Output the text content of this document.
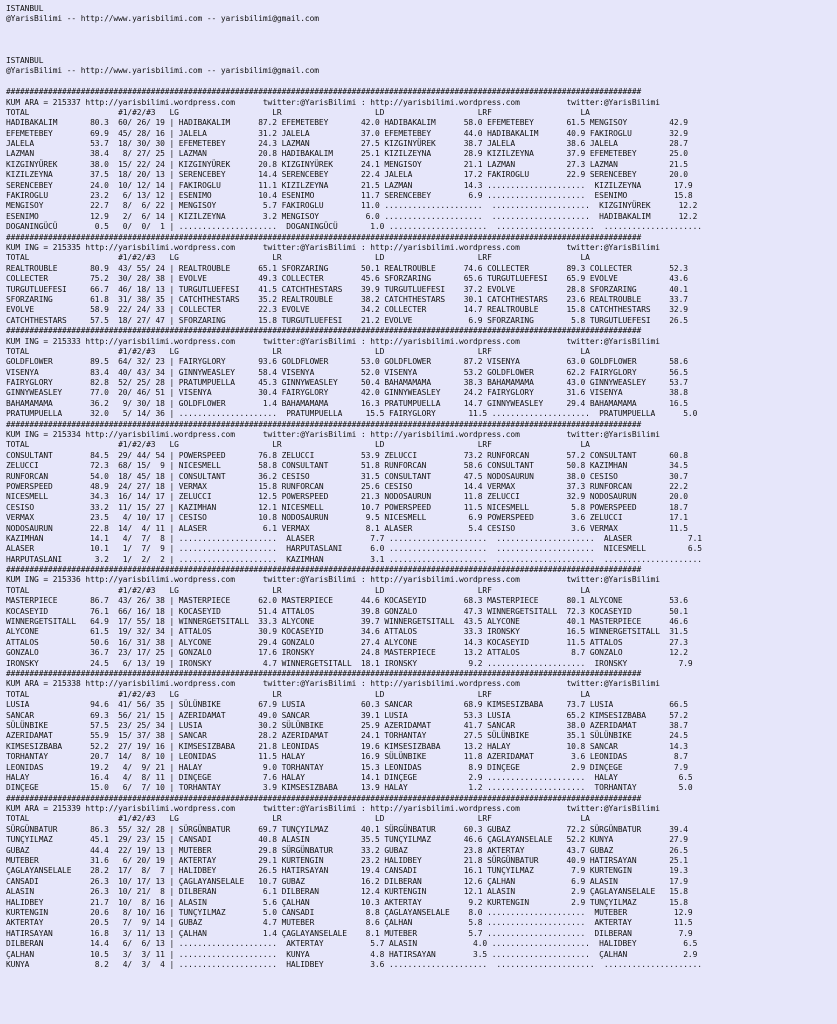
ISTANBUL
@YarisBilimi -- http://www.yarisbilimi.com -- yarisbilimi@gmail.com
ISTANBUL
@YarisBilimi -- http://www.yarisbilimi.com -- yarisbilimi@gmail.com
########################################################################################################################################
KUM ARA = 215337 http://yarisbilimi.wordpress.com      twitter:@YarisBilimi : http://yarisbilimi.wordpress.com          twitter:@YarisBilimi
TOTAL                   #1/#2/#3   LG                    LR                    LD                    LRF                   LA
HADIBAKALIM       80.3  60/ 26/ 19 | HADIBAKALIM      87.2 EFEMETEBEY       42.0 HADIBAKALIM      58.0 EFEMETEBEY       61.5 MENGISOY         42.9
EFEMETEBEY        69.9  45/ 28/ 16 | JALELA           31.2 JALELA           37.0 EFEMETEBEY       44.0 HADIBAKALIM      40.9 FAKIROGLU        32.9
JALELA            53.7  18/ 30/ 30 | EFEMETEBEY       24.3 LAZMAN           27.5 KIZGINYÜREK      38.7 JALELA           38.6 JALELA           28.7
LAZMAN            38.4   8/ 27/ 25 | LAZMAN           20.8 HADIBAKALIM      25.1 KIZILZEYNA       28.9 KIZILZEYNA       37.9 EFEMETEBEY       25.0
KIZGINYÜREK       38.0  15/ 22/ 24 | KIZGINYÜREK      20.8 KIZGINYÜREK      24.1 MENGISOY         21.1 LAZMAN           27.3 LAZMAN           21.5
KIZILZEYNA        37.5  18/ 20/ 13 | SERENCEBEY       14.4 SERENCEBEY       22.4 JALELA           17.2 FAKIROGLU        22.9 SERENCEBEY       20.0
SERENCEBEY        24.0  10/ 12/ 14 | FAKIROGLU        11.1 KIZILZEYNA       21.5 LAZMAN           14.3 .....................  KIZILZEYNA       17.9
FAKIROGLU         23.2   6/ 13/ 12 | ESENIMO          10.4 ESENIMO          11.7 SERENCEBEY        6.9 .....................  ESENIMO          15.8
MENGISOY          22.7   8/  6/ 22 | MENGISOY          5.7 FAKIROGLU        11.0 .....................  .....................  KIZGINYÜREK      12.2
ESENIMO           12.9   2/  6/ 14 | KIZILZEYNA        3.2 MENGISOY          6.0 .....................  .....................  HADIBAKALIM      12.2
DOGANINGÜCÜ        0.5   0/  0/  1 | .....................  DOGANINGÜCÜ       1.0 .....................  .....................  .....................
########################################################################################################################################
KUM ING = 215335 http://yarisbilimi.wordpress.com      twitter:@YarisBilimi : http://yarisbilimi.wordpress.com          twitter:@YarisBilimi
TOTAL                   #1/#2/#3   LG                    LR                    LD                    LRF                   LA
REALTROUBLE       80.9  43/ 55/ 24 | REALTROUBLE      65.1 SFORZARING       50.1 REALTROUBLE      74.6 COLLECTER        89.3 COLLECTER        52.3
COLLECTER         75.2  30/ 28/ 38 | EVOLVE           49.3 COLLECTER        45.6 SFORZARING       65.6 TURGUTLUEFESI    65.9 EVOLVE           43.6
TURGUTLUEFESI     66.7  46/ 18/ 13 | TURGUTLUEFESI    41.5 CATCHTHESTARS    39.9 TURGUTLUEFESI    37.2 EVOLVE           28.8 SFORZARING       40.1
SFORZARING        61.8  31/ 38/ 35 | CATCHTHESTARS    35.2 REALTROUBLE      38.2 CATCHTHESTARS    30.1 CATCHTHESTARS    23.6 REALTROUBLE      33.7
EVOLVE            58.9  22/ 24/ 33 | COLLECTER        22.3 EVOLVE           34.2 COLLECTER        14.7 REALTROUBLE      15.8 CATCHTHESTARS    32.9
CATCHTHESTARS     57.5  18/ 27/ 47 | SFORZARING       15.8 TURGUTLUEFESI    21.2 EVOLVE            6.9 SFORZARING        5.8 TURGUTLUEFESI    26.5
########################################################################################################################################
KUM ING = 215333 http://yarisbilimi.wordpress.com      twitter:@YarisBilimi : http://yarisbilimi.wordpress.com          twitter:@YarisBilimi
TOTAL                   #1/#2/#3   LG                    LR                    LD                    LRF                   LA
GOLDFLOWER        89.5  64/ 32/ 23 | FAIRYGLORY       93.6 GOLDFLOWER       53.0 GOLDFLOWER       87.2 VISENYA          63.0 GOLDFLOWER       58.6
VISENYA           83.4  40/ 43/ 34 | GINNYWEASLEY     58.4 VISENYA          52.0 VISENYA          53.2 GOLDFLOWER       62.2 FAIRYGLORY       56.5
FAIRYGLORY        82.8  52/ 25/ 28 | PRATUMPUELLA     45.3 GINNYWEASLEY     50.4 BAHAMAMAMA       38.3 BAHAMAMAMA       43.0 GINNYWEASLEY     53.7
GINNYWEASLEY      77.0  20/ 46/ 51 | VISENYA          30.4 FAIRYGLORY       42.0 GINNYWEASLEY     24.2 FAIRYGLORY       31.6 VISENYA          38.8
BAHAMAMAMA        36.2   9/ 30/ 18 | GOLDFLOWER        1.4 BAHAMAMAMA       16.3 PRATUMPUELLA     14.7 GINNYWEASLEY     29.4 BAHAMAMAMA       16.5
PRATUMPUELLA      32.0   5/ 14/ 36 | .....................  PRATUMPUELLA     15.5 FAIRYGLORY       11.5 .....................  PRATUMPUELLA      5.0
########################################################################################################################################
KUM ING = 215334 http://yarisbilimi.wordpress.com      twitter:@YarisBilimi : http://yarisbilimi.wordpress.com          twitter:@YarisBilimi
TOTAL                   #1/#2/#3   LG                    LR                    LD                    LRF                   LA
CONSULTANT        84.5  29/ 44/ 54 | POWERSPEED       76.8 ZELUCCI          53.9 ZELUCCI          73.2 RUNFORCAN        57.2 CONSULTANT       60.8
ZELUCCI           72.3  68/ 15/  9 | NICESMELL        58.8 CONSULTANT       51.8 RUNFORCAN        58.6 CONSULTANT       50.8 KAZIMHAN         34.5
RUNFORCAN         54.0  18/ 45/ 18 | CONSULTANT       36.2 CESISO           31.5 CONSULTANT       47.5 NODOSAURUN       38.0 CESISO           30.7
POWERSPEED        48.9  24/ 27/ 18 | VERMAX           15.8 RUNFORCAN        25.6 CESISO           14.4 VERMAX           37.3 RUNFORCAN        22.2
NICESMELL         34.3  16/ 14/ 17 | ZELUCCI          12.5 POWERSPEED       21.3 NODOSAURUN       11.8 ZELUCCI          32.9 NODOSAURUN       20.0
CESISO            33.2  11/ 15/ 27 | KAZIMHAN         12.1 NICESMELL        10.7 POWERSPEED       11.5 NICESMELL         5.8 POWERSPEED       18.7
VERMAX            23.5   4/ 10/ 17 | CESISO           10.8 NODOSAURUN        9.5 NICESMELL         6.9 POWERSPEED        3.6 ZELUCCI          17.1
NODOSAURUN        22.8  14/  4/ 11 | ALASER            6.1 VERMAX            8.1 ALASER            5.4 CESISO            3.6 VERMAX           11.5
KAZIMHAN          14.1   4/  7/  8 | .....................  ALASER            7.7 .....................  .....................  ALASER            7.1
ALASER            10.1   1/  7/  9 | .....................  HARPUTASLANI      6.0 .....................  .....................  NICESMELL         6.5
HARPUTASLANI       3.2   1/  2/  2 | .....................  KAZIMHAN          3.1 .....................  .....................  .....................
########################################################################################################################################
KUM ING = 215336 http://yarisbilimi.wordpress.com      twitter:@YarisBilimi : http://yarisbilimi.wordpress.com          twitter:@YarisBilimi
TOTAL                   #1/#2/#3   LG                    LR                    LD                    LRF                   LA
MASTERPIECE       86.7  43/ 26/ 38 | MASTERPIECE      62.0 MASTERPIECE      44.6 KOCASEYID        68.3 MASTERPIECE      80.1 ALYCONE          53.6
KOCASEYID         76.1  66/ 16/ 18 | KOCASEYID        51.4 ATTALOS          39.8 GONZALO          47.3 WINNERGETSITALL  72.3 KOCASEYID        50.1
WINNERGETSITALL   64.9  17/ 55/ 18 | WINNERGETSITALL  33.3 ALYCONE          39.7 WINNERGETSITALL  43.5 ALYCONE          40.1 MASTERPIECE      46.6
ALYCONE           61.5  19/ 32/ 34 | ATTALOS          30.9 KOCASEYID        34.6 ATTALOS          33.3 IRONSKY          16.5 WINNERGETSITALL  31.5
ATTALOS           50.6  16/ 31/ 38 | ALYCONE          29.4 GONZALO          27.4 ALYCONE          14.3 KOCASEYID        11.5 ATTALOS          27.3
GONZALO           36.7  23/ 17/ 25 | GONZALO          17.6 IRONSKY          24.8 MASTERPIECE      13.2 ATTALOS           8.7 GONZALO          12.2
IRONSKY           24.5   6/ 13/ 19 | IRONSKY           4.7 WINNERGETSITALL  18.1 IRONSKY           9.2 .....................  IRONSKY           7.9
########################################################################################################################################
KUM ARA = 215338 http://yarisbilimi.wordpress.com      twitter:@YarisBilimi : http://yarisbilimi.wordpress.com          twitter:@YarisBilimi
TOTAL                   #1/#2/#3   LG                    LR                    LD                    LRF                   LA
LUSIA             94.6  41/ 56/ 35 | SÜLÜNBIKE        67.9 LUSIA            60.3 SANCAR           68.9 KIMSESIZBABA     73.7 LUSIA            66.5
SANCAR            69.3  56/ 21/ 15 | AZERIDAMAT       49.0 SANCAR           39.1 LUSIA            53.3 LUSIA            65.2 KIMSESIZBABA     57.2
SÜLÜNBIKE         57.5  23/ 25/ 34 | LUSIA            30.2 SÜLÜNBIKE        25.9 AZERIDAMAT       41.7 SANCAR           38.0 AZERIDAMAT       38.7
AZERIDAMAT        55.9  15/ 37/ 38 | SANCAR           28.2 AZERIDAMAT       24.1 TORHANTAY        27.5 SÜLÜNBIKE        35.1 SÜLÜNBIKE        24.5
KIMSESIZBABA      52.2  27/ 19/ 16 | KIMSESIZBABA     21.8 LEONIDAS         19.6 KIMSESIZBABA     13.2 HALAY            10.8 SANCAR           14.3
TORHANTAY         20.7  14/  8/ 10 | LEONIDAS         11.5 HALAY            16.9 SÜLÜNBIKE        11.8 AZERIDAMAT        3.6 LEONIDAS          8.7
LEONIDAS          19.2   4/  9/ 21 | HALAY             9.0 TORHANTAY        15.3 LEONIDAS          8.9 DINÇEGE           2.9 DINÇEGE           7.9
HALAY             16.4   4/  8/ 11 | DINÇEGE           7.6 HALAY            14.1 DINÇEGE           2.9 .....................  HALAY             6.5
DINÇEGE           15.0   6/  7/ 10 | TORHANTAY         3.9 KIMSESIZBABA     13.9 HALAY             1.2 .....................  TORHANTAY         5.0
########################################################################################################################################
KUM ARA = 215339 http://yarisbilimi.wordpress.com      twitter:@YarisBilimi : http://yarisbilimi.wordpress.com          twitter:@YarisBilimi
TOTAL                   #1/#2/#3   LG                    LR                    LD                    LRF                   LA
SÜRGÜNBATUR       86.3  55/ 32/ 28 | SÜRGÜNBATUR      69.7 TUNÇYILMAZ       40.1 SÜRGÜNBATUR      60.3 GUBAZ            72.2 SÜRGÜNBATUR      39.4
TUNÇYILMAZ        45.1  29/ 23/ 15 | CANSADI          40.8 ALASIN           35.5 TUNÇYILMAZ       46.6 ÇAGLAYANSELALE   52.2 KUNYA            27.9
GUBAZ             44.4  22/ 19/ 13 | MUTEBER          29.8 SÜRGÜNBATUR      33.2 GUBAZ            23.8 AKTERTAY         43.7 GUBAZ            26.5
MUTEBER           31.6   6/ 20/ 19 | AKTERTAY         29.1 KURTENGIN        23.2 HALIDBEY         21.8 SÜRGÜNBATUR      40.9 HATIRSAYAN       25.1
ÇAGLAYANSELALE    28.2  17/  8/  7 | HALIDBEY         26.5 HATIRSAYAN       19.4 CANSADI          16.1 TUNÇYILMAZ        7.9 KURTENGIN        19.3
CANSADI           26.3  10/ 17/ 13 | ÇAGLAYANSELALE   10.7 GUBAZ            16.2 DILBERAN         12.6 ÇALHAN            6.9 ALASIN           17.9
ALASIN            26.3  10/ 21/  8 | DILBERAN          6.1 DILBERAN         12.4 KURTENGIN        12.1 ALASIN            2.9 ÇAGLAYANSELALE   15.8
HALIDBEY          21.7  10/  8/ 16 | ALASIN            5.6 ÇALHAN           10.3 AKTERTAY          9.2 KURTENGIN         2.9 TUNÇYILMAZ       15.8
KURTENGIN         20.6   8/ 10/ 16 | TUNÇYILMAZ        5.0 CANSADI           8.8 ÇAGLAYANSELALE    8.0 .....................  MUTEBER          12.9
AKTERTAY          20.5   7/  9/ 14 | GUBAZ             4.7 MUTEBER           8.6 ÇALHAN            5.8 .....................  AKTERTAY         11.5
HATIRSAYAN        16.8   3/ 11/ 13 | ÇALHAN            1.4 ÇAGLAYANSELALE    8.1 MUTEBER           5.7 .....................  DILBERAN          7.9
DILBERAN          14.4   6/  6/ 13 | .....................  AKTERTAY          5.7 ALASIN            4.0 .....................  HALIDBEY          6.5
ÇALHAN            10.5   3/  3/ 11 | .....................  KUNYA             4.8 HATIRSAYAN        3.5 .....................  ÇALHAN            2.9
KUNYA              8.2   4/  3/  4 | .....................  HALIDBEY          3.6 .....................  .....................  .....................
